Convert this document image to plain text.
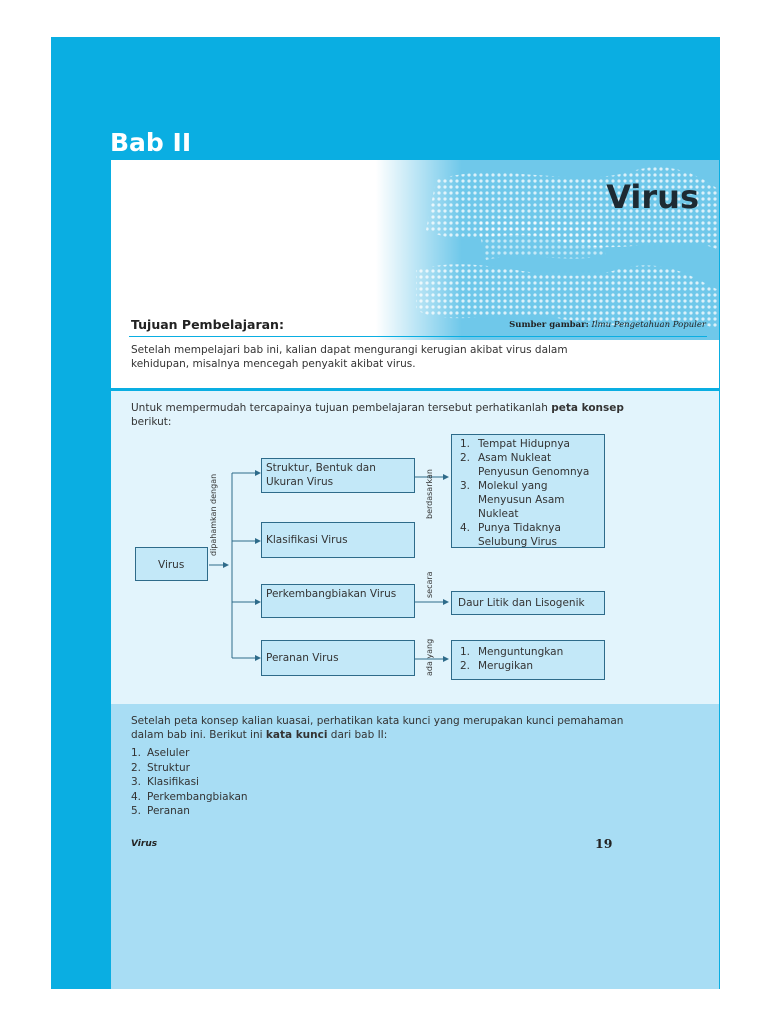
Bab II
Virus
Tujuan Pembelajaran:	Sumber gambar: Ilmu Pengetahuan Populer
Setelah mempelajari bab ini, kalian dapat mengurangi kerugian akibat virus dalam kehidupan, misalnya mencegah penyakit akibat virus.
Untuk mempermudah tercapainya tujuan pembelajaran tersebut perhatikanlah peta konsep berikut:
Virus
dipahamkan dengan
Struktur, Bentuk dan Ukuran Virus
Klasifikasi Virus
Perkembangbiakan Virus
Peranan Virus
berdasarkan
secara
ada yang
1. Tempat Hidupnya
2. Asam Nukleat Penyusun Genomnya
3. Molekul yang Menyusun Asam Nukleat
4. Punya Tidaknya Selubung Virus
Daur Litik dan Lisogenik
1. Menguntungkan
2. Merugikan
Setelah peta konsep kalian kuasai, perhatikan kata kunci yang merupakan kunci pemahaman dalam bab ini. Berikut ini kata kunci dari bab II:
1. Aseluler
2. Struktur
3. Klasifikasi
4. Perkembangbiakan
5. Peranan
Virus	19
